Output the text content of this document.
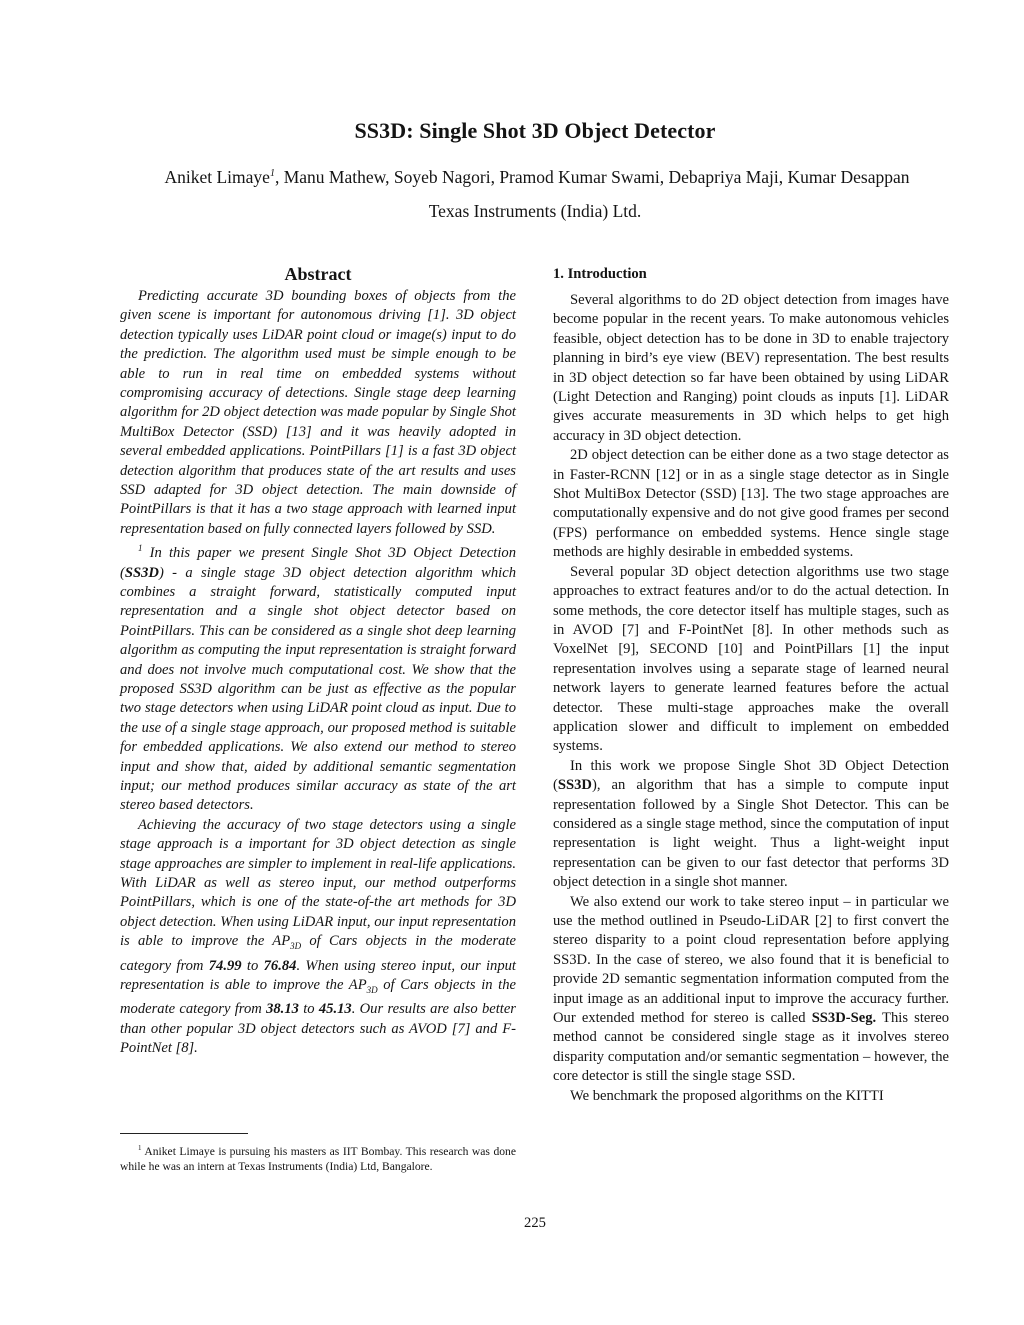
SS3D: Single Shot 3D Object Detector
Aniket Limaye$^1$, Manu Mathew, Soyeb Nagori, Pramod Kumar Swami, Debapriya Maji, Kumar Desappan
Texas Instruments (India) Ltd.
Abstract

Predicting accurate 3D bounding boxes of objects from the given scene is important for autonomous driving [1]. 3D object detection typically uses LiDAR point cloud or image(s) input to do the prediction. The algorithm used must be simple enough to be able to run in real time on embedded systems without compromising accuracy of detections. Single stage deep learning algorithm for 2D object detection was made popular by Single Shot MultiBox Detector (SSD) [13] and it was heavily adopted in several embedded applications. PointPillars [1] is a fast 3D object detection algorithm that produces state of the art results and uses SSD adapted for 3D object detection. The main downside of PointPillars is that it has a two stage approach with learned input representation based on fully connected layers followed by SSD.

$^1$ In this paper we present Single Shot 3D Object Detection (SS3D) - a single stage 3D object detection algorithm which combines a straight forward, statistically computed input representation and a single shot object detector based on PointPillars. This can be considered as a single shot deep learning algorithm as computing the input representation is straight forward and does not involve much computational cost. We show that the proposed SS3D algorithm can be just as effective as the popular two stage detectors when using LiDAR point cloud as input. Due to the use of a single stage approach, our proposed method is suitable for embedded applications. We also extend our method to stereo input and show that, aided by additional semantic segmentation input; our method produces similar accuracy as state of the art stereo based detectors.

Achieving the accuracy of two stage detectors using a single stage approach is a important for 3D object detection as single stage approaches are simpler to implement in real-life applications. With LiDAR as well as stereo input, our method outperforms PointPillars, which is one of the state-of-the art methods for 3D object detection. When using LiDAR input, our input representation is able to improve the $AP_{3D}$ of Cars objects in the moderate category from 74.99 to 76.84. When using stereo input, our input representation is able to improve the $AP_{3D}$ of Cars objects in the moderate category from 38.13 to 45.13. Our results are also better than other popular 3D object detectors such as AVOD [7] and F-PointNet [8].

$^1$ Aniket Limaye is pursuing his masters as IIT Bombay. This research was done while he was an intern at Texas Instruments (India) Ltd, Bangalore.
1. Introduction

Several algorithms to do 2D object detection from images have become popular in the recent years. To make autonomous vehicles feasible, object detection has to be done in 3D to enable trajectory planning in bird’s eye view (BEV) representation. The best results in 3D object detection so far have been obtained by using LiDAR (Light Detection and Ranging) point clouds as inputs [1]. LiDAR gives accurate measurements in 3D which helps to get high accuracy in 3D object detection.

2D object detection can be either done as a two stage detector as in Faster-RCNN [12] or in as a single stage detector as in Single Shot MultiBox Detector (SSD) [13]. The two stage approaches are computationally expensive and do not give good frames per second (FPS) performance on embedded systems. Hence single stage methods are highly desirable in embedded systems.

Several popular 3D object detection algorithms use two stage approaches to extract features and/or to do the actual detection. In some methods, the core detector itself has multiple stages, such as in AVOD [7] and F-PointNet [8]. In other methods such as VoxelNet [9], SECOND [10] and PointPillars [1] the input representation involves using a separate stage of learned neural network layers to generate learned features before the actual detector. These multi-stage approaches make the overall application slower and difficult to implement on embedded systems.

In this work we propose Single Shot 3D Object Detection (SS3D), an algorithm that has a simple to compute input representation followed by a Single Shot Detector. This can be considered as a single stage method, since the computation of input representation is light weight. Thus a light-weight input representation can be given to our fast detector that performs 3D object detection in a single shot manner.

We also extend our work to take stereo input – in particular we use the method outlined in Pseudo-LiDAR [2] to first convert the stereo disparity to a point cloud representation before applying SS3D. In the case of stereo, we also found that it is beneficial to provide 2D semantic segmentation information computed from the input image as an additional input to improve the accuracy further. Our extended method for stereo is called SS3D-Seg. This stereo method cannot be considered single stage as it involves stereo disparity computation and/or semantic segmentation – however, the core detector is still the single stage SSD.

We benchmark the proposed algorithms on the KITTI

225
